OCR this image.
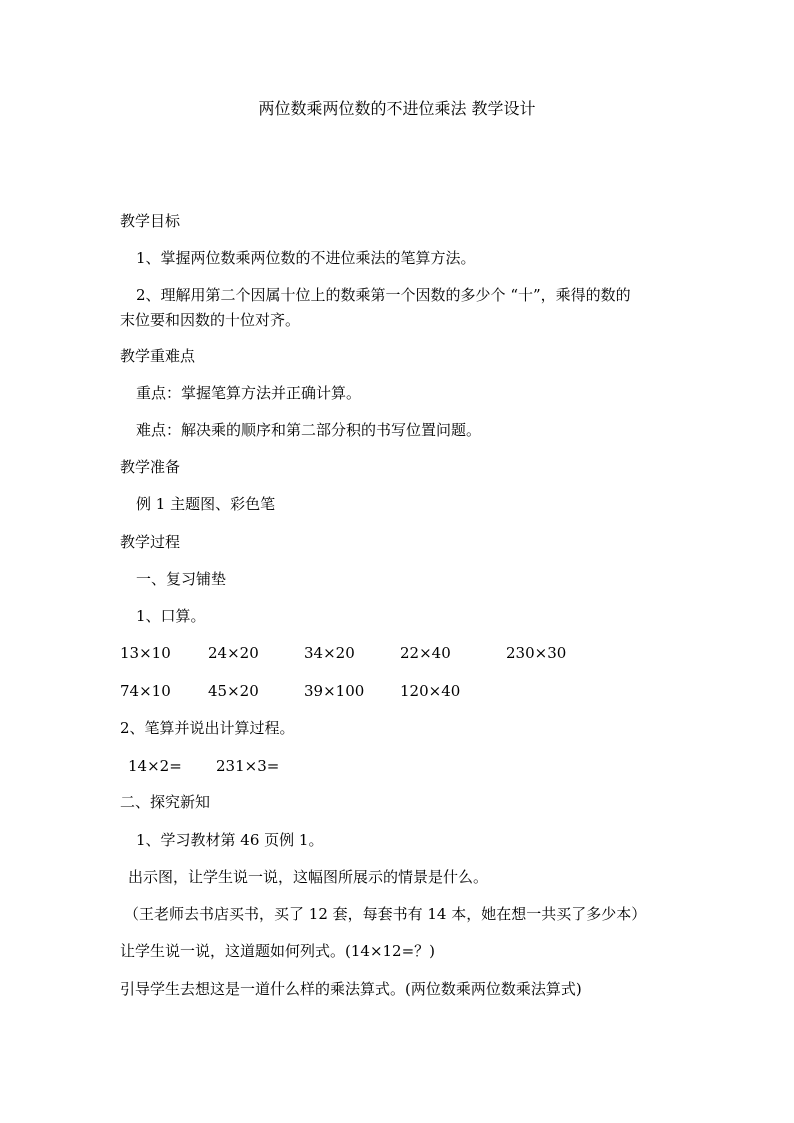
两位数乘两位数的不进位乘法 教学设计
教学目标
1、掌握两位数乘两位数的不进位乘法的笔算方法。
2、理解用第二个因属十位上的数乘第一个因数的多少个 “十”，乘得的数的
末位要和因数的十位对齐。
教学重难点
重点：掌握笔算方法并正确计算。
难点：解决乘的顺序和第二部分积的书写位置问题。
教学准备
例 1 主题图、彩色笔
教学过程
一、复习铺垫
1、口算。
13×10 24×20	34×20	22×40	230×30
74×10 45×20	39×100 120×40
2、笔算并说出计算过程。
14×2= 231×3=
二、探究新知
1、学习教材第 46 页例 1。
出示图，让学生说一说，这幅图所展示的情景是什么。
（王老师去书店买书，买了 12 套，每套书有 14 本，她在想一共买了多少本）
让学生说一说，这道题如何列式。(14×12=？)
引导学生去想这是一道什么样的乘法算式。(两位数乘两位数乘法算式)
